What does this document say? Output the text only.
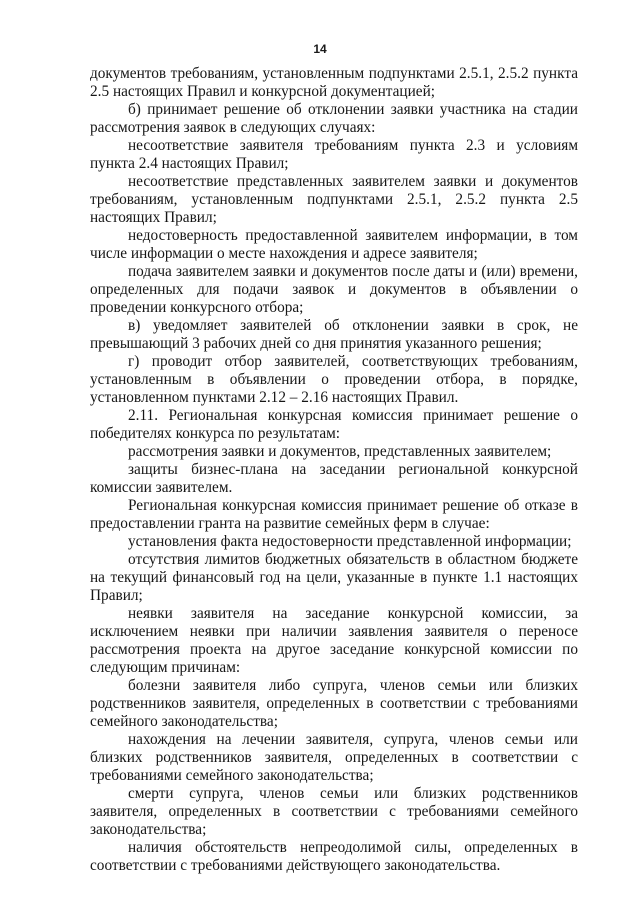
14

документов требованиям, установленным подпунктами 2.5.1, 2.5.2 пункта 2.5 настоящих Правил и конкурсной документацией;

б) принимает решение об отклонении заявки участника на стадии рассмотрения заявок в следующих случаях:

несоответствие заявителя требованиям пункта 2.3 и условиям пункта 2.4 настоящих Правил;

несоответствие представленных заявителем заявки и документов требованиям, установленным подпунктами 2.5.1, 2.5.2 пункта 2.5 настоящих Правил;

недостоверность предоставленной заявителем информации, в том числе информации о месте нахождения и адресе заявителя;

подача заявителем заявки и документов после даты и (или) времени, определенных для подачи заявок и документов в объявлении о проведении конкурсного отбора;

в) уведомляет заявителей об отклонении заявки в срок, не превышающий 3 рабочих дней со дня принятия указанного решения;

г) проводит отбор заявителей, соответствующих требованиям, установленным в объявлении о проведении отбора, в порядке, установленном пунктами 2.12 – 2.16 настоящих Правил.

2.11. Региональная конкурсная комиссия принимает решение о победителях конкурса по результатам:

рассмотрения заявки и документов, представленных заявителем;

защиты бизнес-плана на заседании региональной конкурсной комиссии заявителем.

Региональная конкурсная комиссия принимает решение об отказе в предоставлении гранта на развитие семейных ферм в случае:

установления факта недостоверности представленной информации;

отсутствия лимитов бюджетных обязательств в областном бюджете на текущий финансовый год на цели, указанные в пункте 1.1 настоящих Правил;

неявки заявителя на заседание конкурсной комиссии, за исключением неявки при наличии заявления заявителя о переносе рассмотрения проекта на другое заседание конкурсной комиссии по следующим причинам:

болезни заявителя либо супруга, членов семьи или близких родственников заявителя, определенных в соответствии с требованиями семейного законодательства;

нахождения на лечении заявителя, супруга, членов семьи или близких родственников заявителя, определенных в соответствии с требованиями семейного законодательства;

смерти супруга, членов семьи или близких родственников заявителя, определенных в соответствии с требованиями семейного законодательства;

наличия обстоятельств непреодолимой силы, определенных в соответствии с требованиями действующего законодательства.
